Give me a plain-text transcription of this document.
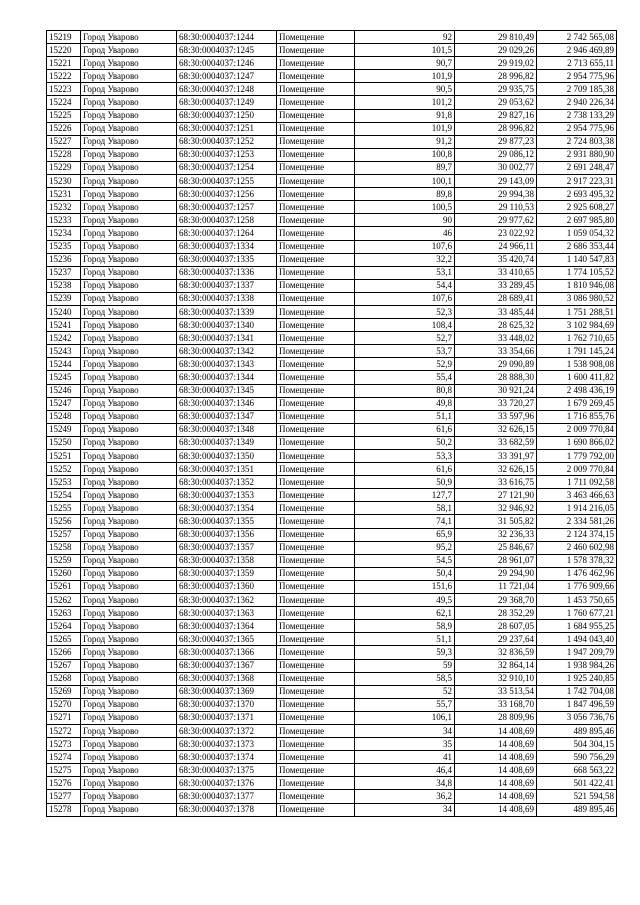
15219	Город Уварово	68:30:0004037:1244	Помещение	92	29 810,49	2 742 565,08
15220	Город Уварово	68:30:0004037:1245	Помещение	101,5	29 029,26	2 946 469,89
15221	Город Уварово	68:30:0004037:1246	Помещение	90,7	29 919,02	2 713 655,11
15222	Город Уварово	68:30:0004037:1247	Помещение	101,9	28 996,82	2 954 775,96
15223	Город Уварово	68:30:0004037:1248	Помещение	90,5	29 935,75	2 709 185,38
15224	Город Уварово	68:30:0004037:1249	Помещение	101,2	29 053,62	2 940 226,34
15225	Город Уварово	68:30:0004037:1250	Помещение	91,8	29 827,16	2 738 133,29
15226	Город Уварово	68:30:0004037:1251	Помещение	101,9	28 996,82	2 954 775,96
15227	Город Уварово	68:30:0004037:1252	Помещение	91,2	29 877,23	2 724 803,38
15228	Город Уварово	68:30:0004037:1253	Помещение	100,8	29 086,12	2 931 880,90
15229	Город Уварово	68:30:0004037:1254	Помещение	89,7	30 002,77	2 691 248,47
15230	Город Уварово	68:30:0004037:1255	Помещение	100,1	29 143,09	2 917 223,31
15231	Город Уварово	68:30:0004037:1256	Помещение	89,8	29 994,38	2 693 495,32
15232	Город Уварово	68:30:0004037:1257	Помещение	100,5	29 110,53	2 925 608,27
15233	Город Уварово	68:30:0004037:1258	Помещение	90	29 977,62	2 697 985,80
15234	Город Уварово	68:30:0004037:1264	Помещение	46	23 022,92	1 059 054,32
15235	Город Уварово	68:30:0004037:1334	Помещение	107,6	24 966,11	2 686 353,44
15236	Город Уварово	68:30:0004037:1335	Помещение	32,2	35 420,74	1 140 547,83
15237	Город Уварово	68:30:0004037:1336	Помещение	53,1	33 410,65	1 774 105,52
15238	Город Уварово	68:30:0004037:1337	Помещение	54,4	33 289,45	1 810 946,08
15239	Город Уварово	68:30:0004037:1338	Помещение	107,6	28 689,41	3 086 980,52
15240	Город Уварово	68:30:0004037:1339	Помещение	52,3	33 485,44	1 751 288,51
15241	Город Уварово	68:30:0004037:1340	Помещение	108,4	28 625,32	3 102 984,69
15242	Город Уварово	68:30:0004037:1341	Помещение	52,7	33 448,02	1 762 710,65
15243	Город Уварово	68:30:0004037:1342	Помещение	53,7	33 354,66	1 791 145,24
15244	Город Уварово	68:30:0004037:1343	Помещение	52,9	29 090,89	1 538 908,08
15245	Город Уварово	68:30:0004037:1344	Помещение	55,4	28 888,30	1 600 411,82
15246	Город Уварово	68:30:0004037:1345	Помещение	80,8	30 921,24	2 498 436,19
15247	Город Уварово	68:30:0004037:1346	Помещение	49,8	33 720,27	1 679 269,45
15248	Город Уварово	68:30:0004037:1347	Помещение	51,1	33 597,96	1 716 855,76
15249	Город Уварово	68:30:0004037:1348	Помещение	61,6	32 626,15	2 009 770,84
15250	Город Уварово	68:30:0004037:1349	Помещение	50,2	33 682,59	1 690 866,02
15251	Город Уварово	68:30:0004037:1350	Помещение	53,3	33 391,97	1 779 792,00
15252	Город Уварово	68:30:0004037:1351	Помещение	61,6	32 626,15	2 009 770,84
15253	Город Уварово	68:30:0004037:1352	Помещение	50,9	33 616,75	1 711 092,58
15254	Город Уварово	68:30:0004037:1353	Помещение	127,7	27 121,90	3 463 466,63
15255	Город Уварово	68:30:0004037:1354	Помещение	58,1	32 946,92	1 914 216,05
15256	Город Уварово	68:30:0004037:1355	Помещение	74,1	31 505,82	2 334 581,26
15257	Город Уварово	68:30:0004037:1356	Помещение	65,9	32 236,33	2 124 374,15
15258	Город Уварово	68:30:0004037:1357	Помещение	95,2	25 846,67	2 460 602,98
15259	Город Уварово	68:30:0004037:1358	Помещение	54,5	28 961,07	1 578 378,32
15260	Город Уварово	68:30:0004037:1359	Помещение	50,4	29 294,90	1 476 462,96
15261	Город Уварово	68:30:0004037:1360	Помещение	151,6	11 721,04	1 776 909,66
15262	Город Уварово	68:30:0004037:1362	Помещение	49,5	29 368,70	1 453 750,65
15263	Город Уварово	68:30:0004037:1363	Помещение	62,1	28 352,29	1 760 677,21
15264	Город Уварово	68:30:0004037:1364	Помещение	58,9	28 607,05	1 684 955,25
15265	Город Уварово	68:30:0004037:1365	Помещение	51,1	29 237,64	1 494 043,40
15266	Город Уварово	68:30:0004037:1366	Помещение	59,3	32 836,59	1 947 209,79
15267	Город Уварово	68:30:0004037:1367	Помещение	59	32 864,14	1 938 984,26
15268	Город Уварово	68:30:0004037:1368	Помещение	58,5	32 910,10	1 925 240,85
15269	Город Уварово	68:30:0004037:1369	Помещение	52	33 513,54	1 742 704,08
15270	Город Уварово	68:30:0004037:1370	Помещение	55,7	33 168,70	1 847 496,59
15271	Город Уварово	68:30:0004037:1371	Помещение	106,1	28 809,96	3 056 736,76
15272	Город Уварово	68:30:0004037:1372	Помещение	34	14 408,69	489 895,46
15273	Город Уварово	68:30:0004037:1373	Помещение	35	14 408,69	504 304,15
15274	Город Уварово	68:30:0004037:1374	Помещение	41	14 408,69	590 756,29
15275	Город Уварово	68:30:0004037:1375	Помещение	46,4	14 408,69	668 563,22
15276	Город Уварово	68:30:0004037:1376	Помещение	34,8	14 408,69	501 422,41
15277	Город Уварово	68:30:0004037:1377	Помещение	36,2	14 408,69	521 594,58
15278	Город Уварово	68:30:0004037:1378	Помещение	34	14 408,69	489 895,46
